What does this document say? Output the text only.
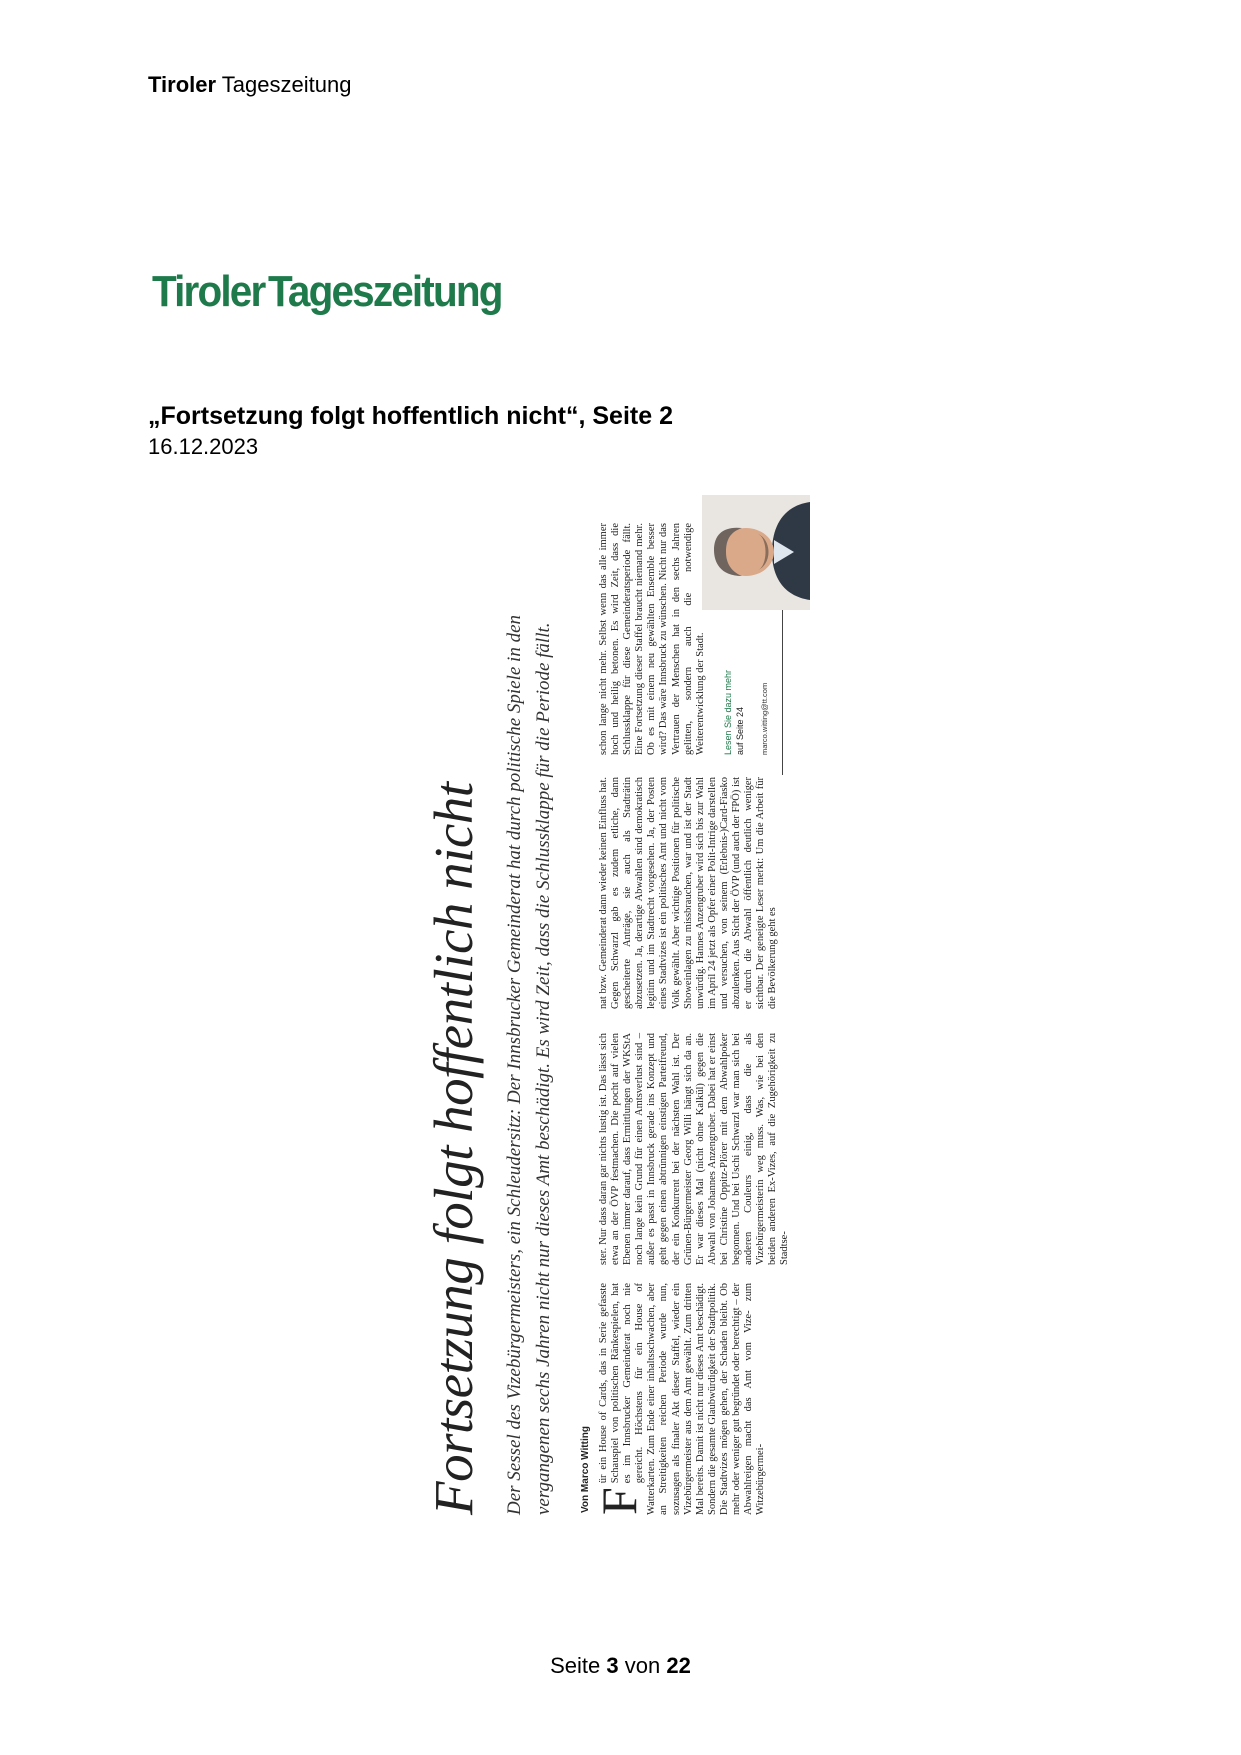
Tiroler Tageszeitung
Tiroler Tageszeitung
„Fortsetzung folgt hoffentlich nicht“, Seite 2
16.12.2023
Fortsetzung folgt hoffentlich nicht Der Sessel des Vizebürgermeisters, ein Schleudersitz: Der Innsbrucker Gemeinderat hat durch politische Spiele in den vergangenen sechs Jahren nicht nur dieses Amt beschädigt. Es wird Zeit, dass die Schlussklappe für die Periode fällt.	Von Marco Witting F
ür ein House of Cards, das in Serie gefasste Schauspiel von politischen Ränkespielen, hat es im Innsbrucker Gemeinderat noch nie gereicht. Höchstens für ein House of Watterkarten. Zum Ende einer inhaltsschwachen, aber an Streitigkeiten reichen Periode wurde nun, sozusagen als finaler Akt dieser Staffel, wieder ein Vizebürgermeister aus dem Amt gewählt. Zum dritten Mal bereits. Damit ist nicht nur dieses Amt beschädigt. Sondern die gesamte Glaubwürdigkeit der Stadtpolitik. Die Stadtvizes mögen gehen, der Schaden bleibt. Ob mehr oder weniger gut begründet oder berechtigt – der Abwahlreigen macht das Amt vom Vize- zum Witzebürgermei-
ster. Nur dass daran gar nichts lustig ist. Das lässt sich etwa an der ÖVP festmachen. Die pocht auf vielen Ebenen immer darauf, dass Ermittlungen der WKStA noch lange kein Grund für einen Amtsverlust sind – außer es passt in Innsbruck gerade ins Konzept und geht gegen einen abtrünnigen einstigen Parteifreund, der ein Konkurrent bei der nächsten Wahl ist. Der Grünen-Bürgermeister Georg Willi hängt sich da an. Er war dieses Mal (nicht ohne Kalkül) gegen die Abwahl von Johannes Anzengruber. Dabei hat er einst bei Christine Oppitz-Plörer mit dem Abwahlpoker begonnen. Und bei Uschi Schwarzl war man sich bei anderen Couleurs einig, dass die als Vizebürgermeisterin weg muss. Was, wie bei den beiden anderen Ex-Vizes, auf die Zugehörigkeit zu Stadtse-
nat bzw. Gemeinderat dann wieder keinen Einfluss hat. Gegen Schwarzl gab es zudem etliche, dann gescheiterte Anträge, sie auch als Stadträtin abzusetzen. Ja, derartige Abwahlen sind demokratisch legitim und im Stadtrecht vorgesehen. Ja, der Posten eines Stadtvizes ist ein politisches Amt und nicht vom Volk gewählt. Aber wichtige Positionen für politische Showeinlagen zu missbrauchen, war und ist der Stadt unwürdig. Hannes Anzengruber wird sich bis zur Wahl im April 24 jetzt als Opfer einer Polit-Intrige darstellen und versuchen, von seinem (Erlebnis-)Card-Fiasko abzulenken. Aus Sicht der ÖVP (und auch der FPÖ) ist er durch die Abwahl öffentlich deutlich weniger sichtbar. Der geneigte Leser merkt: Um die Arbeit für die Bevölkerung geht es
schon lange nicht mehr. Selbst wenn das alle immer hoch und heilig betonen. Es wird Zeit, dass die Schlussklappe für diese Gemeinderatsperiode fällt. Eine Fortsetzung dieser Staffel braucht niemand mehr. Ob es mit einem neu gewählten Ensemble besser wird? Das wäre Innsbruck zu wünschen. Nicht nur das Vertrauen der Menschen hat in den sechs Jahren gelitten, sondern auch die notwendige Weiterentwicklung der Stadt.	Lesen Sie dazu mehr auf Seite 24 marco.witting@tt.com
Seite 3 von 22
